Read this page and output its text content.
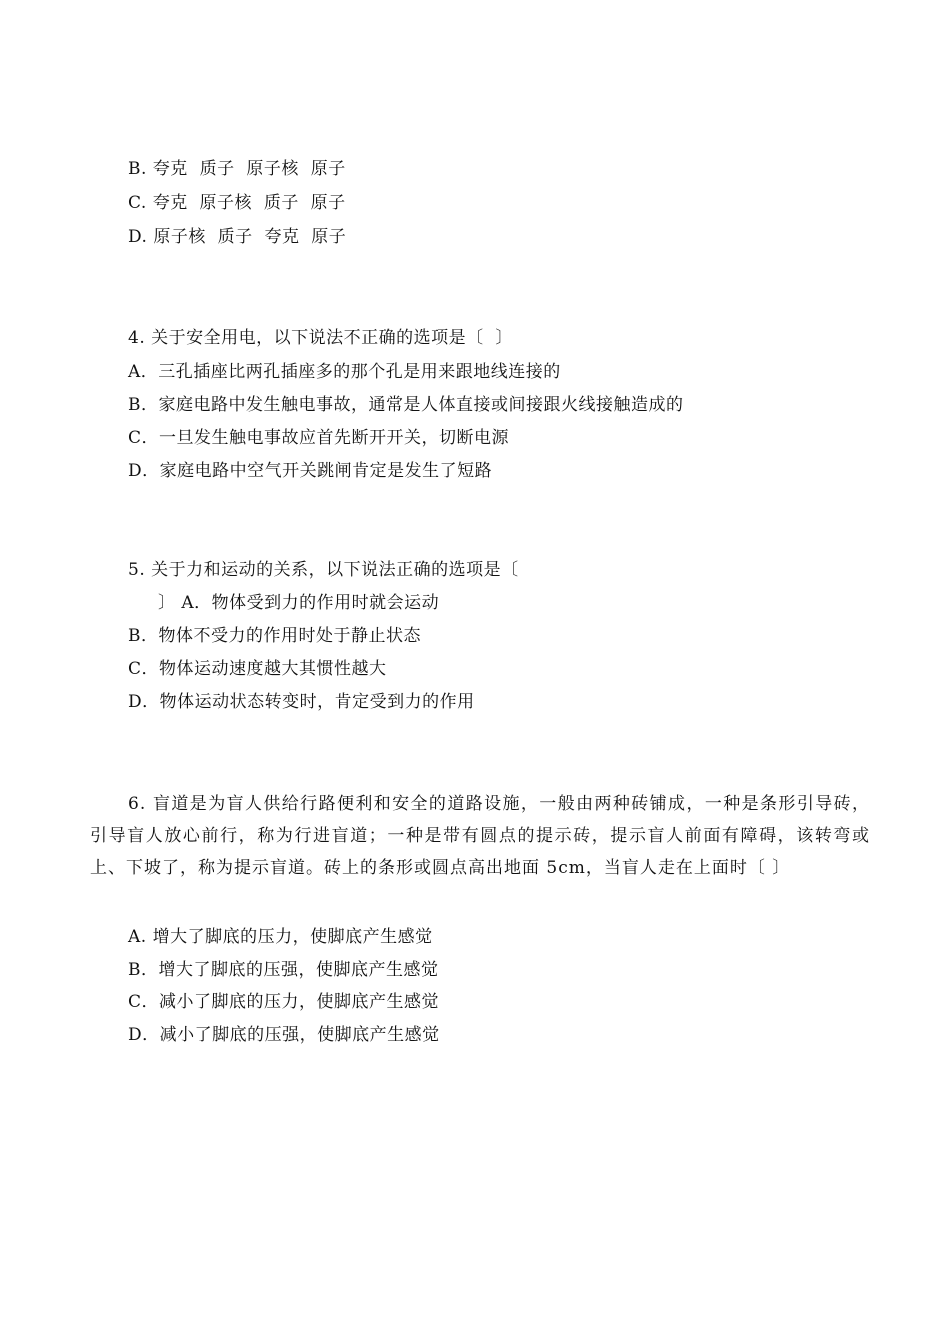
B. 夸克  质子  原子核  原子
C. 夸克  原子核  质子  原子
D. 原子核  质子  夸克  原子
4. 关于安全用电，以下说法不正确的选项是〔  〕
A．三孔插座比两孔插座多的那个孔是用来跟地线连接的
B．家庭电路中发生触电事故，通常是人体直接或间接跟火线接触造成的
C．一旦发生触电事故应首先断开开关，切断电源
D．家庭电路中空气开关跳闸肯定是发生了短路
5. 关于力和运动的关系，以下说法正确的选项是〔
〕 A．物体受到力的作用时就会运动
B．物体不受力的作用时处于静止状态
C．物体运动速度越大其惯性越大
D．物体运动状态转变时，肯定受到力的作用
6. 盲道是为盲人供给行路便利和安全的道路设施，一般由两种砖铺成，一种是条形引导砖，引导盲人放心前行，称为行进盲道；一种是带有圆点的提示砖，提示盲人前面有障碍，该转弯或上、下坡了，称为提示盲道。砖上的条形或圆点高出地面 5cm，当盲人走在上面时〔 〕
A. 增大了脚底的压力，使脚底产生感觉
B．增大了脚底的压强，使脚底产生感觉
C．减小了脚底的压力，使脚底产生感觉
D．减小了脚底的压强，使脚底产生感觉
